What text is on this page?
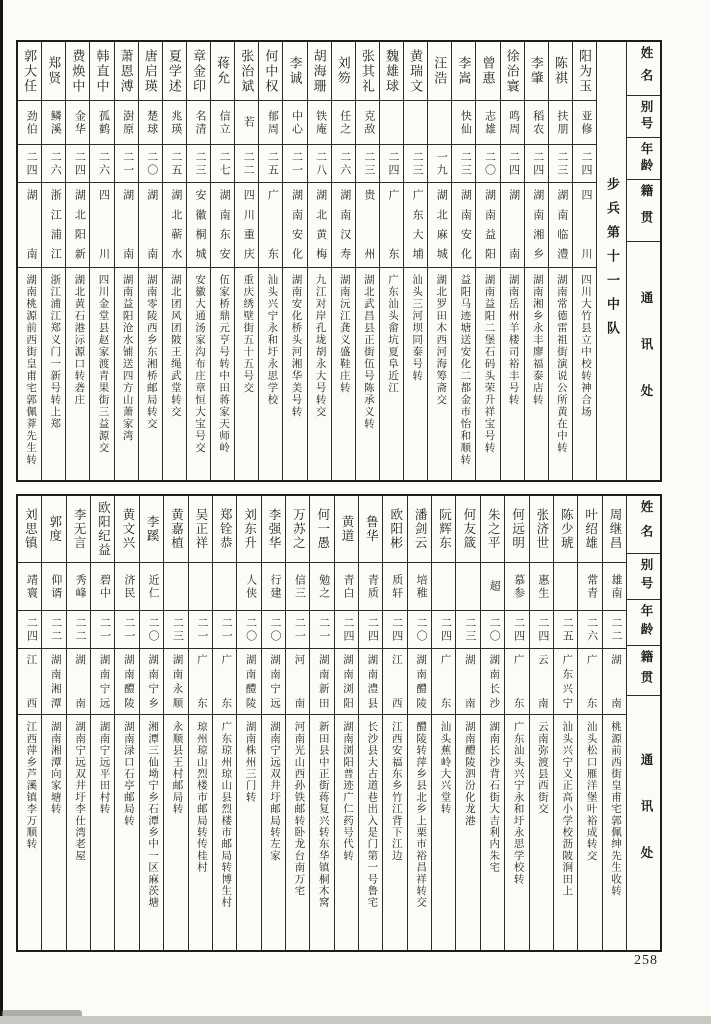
姓名
别号
年龄
籍贯
通讯处
步兵第十一中队
阳为玉
亚修
二四
四川
四川大竹县立中校转神合场
陈祺
扶朋
二三
湖南临澧
湖南常德雷祖街演说公所黄在中转
李肇
稻农
二四
湖南湘乡
湖南湘乡永丰廖福泰店转
徐治寰
鸣周
二四
湖南
湖南岳州羊楼司裕丰号转
曾惠
志雄
二〇
湖南益阳
湖南益阳二堡石码头荣升祥宝号转
李嵩
快仙
二三
湖南安化
益阳马迹塘送安化二都金市怡和顺转
汪浩
一九
湖北麻城
湖北罗田木西河海筹斋交
黄瑞文
二三
广东大埔
汕头三河坝同泰号转
魏雄球
二四
广东
广东汕头畲坑夏阜近江
张其礼
克敌
二三
贵州
湖北武昌县正街伍号陈承义转
刘笏
任之
二六
湖南汉寿
湖南沅江龚义盛鞋庄转
胡海珊
铁庵
二八
湖北黄梅
九江对岸孔垅胡永大号转交
李诚
中心
二一
湖南安化
湖南安化桥头河湘华美号转
何中权
郁周
二五
广东
汕头兴宁永和圩永思学校
张治斌
若
二二
四川重庆
重庆绣壁街五十五号交
蒋允
信立
二七
湖南东安
伍家桥鼎元亨号转中田蒋家天师岭
章金印
名清
二三
安徽桐城
安徽大通汤家沟布庄章恒大宝号交
夏学述
兆瑛
二五
湖北蕲水
湖北团风团陂王绳武堂转交
唐启瑛
楚球
二〇
湖南
湖南零陵西乡东湘桥邮局转交
萧恩溥
澍原
二一
湖南
湖南益阳沧水铺送四方山萧家湾
韩直中
孤鹤
二六
四川
四川金堂县赵家渡青果街三益源交
费焕中
金华
二四
湖北阳新
湖北黄石港沶源口转砻庄
郑贤
鳞溪
二六
浙江浦江
浙江浦江郑义门一新号转上郑
郭大任
劲伯
二四
湖南
湖南桃源前西街皇甫宅郭佩葊先生转
姓名
别号
年龄
籍贯
通讯处
周继昌
雄南
二二
湖南
桃源前西街皇甫宅郭佩绅先生收转
叶绍雄
常青
二六
广东
汕头松口雁洋堡叶裕成转交
陈少琥
二五
广东兴宁
汕头兴宁义正高小学校沥陂涧田上
张济世
惠生
二四
云南
云南弥渡县西街交
何远明
慕参
二四
广东
广东汕头兴宁永和圩永思学校转
朱之平
超
二〇
湖南长沙
湖南长沙背石街大吉利内朱宅
何友箴
二三
湖南
湖南醴陵泗汾化龙港
阮辉东
二四
广东
汕头蕉岭大兴堂转
潘剑云
培稚
二〇
湖南醴陵
醴陵转萍乡县北乡上栗市裕昌祥转交
欧阳彬
质轩
二四
江西
江西安福东乡竹江背下江边
鲁华
青质
二四
湖南澧县
长沙县大古道巷出入是门第一号鲁宅
黄道
青白
二四
湖南浏阳
湖南浏阳普迹广仁药号代转
何一愚
勉之
二一
湖南新田
新田县中正街蒋复兴转东华镇桐木窝
万苏之
信三
二一
河南
河南光山西孙铁邮转卧龙台南万宅
李强华
行建
二〇
湖南宁远
湖南宁远双井圩邮局转左家
刘东升
人侠
二〇
湖南醴陵
湖南株州三门转
郑铨恭
二一
广东
广东琼州琼山县烈楼市邮局转博生村
吴正祥
二一
广东
琼州琼山烈楼市邮局转传桂村
黄嘉植
二三
湖南永顺
永顺县王村邮局转
李蹊
近仁
二〇
湖南宁乡
湘潭三仙坳宁乡石潭乡中一区麻茨塘
黄文兴
济民
二一
湖南醴陵
湖南渌口石亭邮局转
欧阳纪益
碧中
二一
湖南宁远
湖南宁远平田村转
李无言
秀峰
二二
湖南
湖南宁远双井圩李仕湾老屋
郭度
仰谞
二二
湖南湘潭
湖南湘潭向家塘转
刘思镇
靖寰
二四
江西
江西萍乡芦溪镇李万顺转
258
